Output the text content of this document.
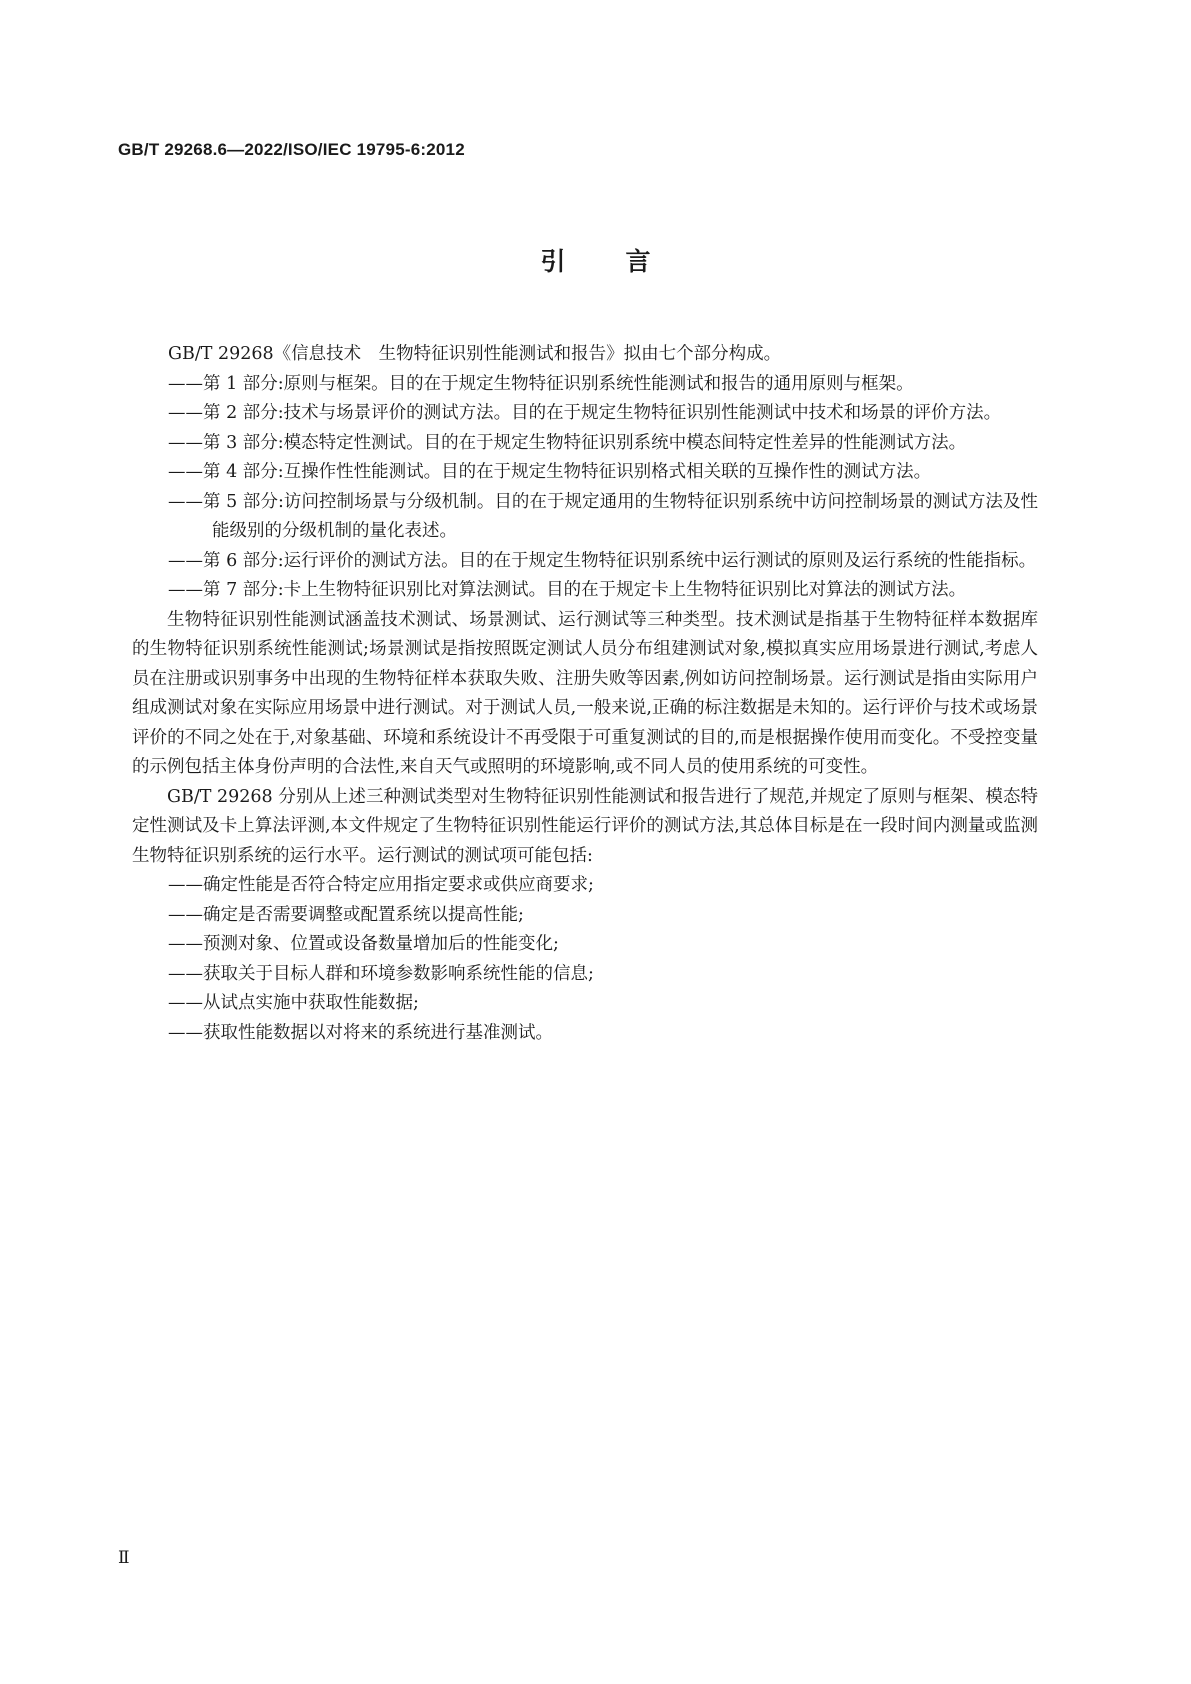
GB/T 29268.6—2022/ISO/IEC 19795-6:2012
引言

GB/T 29268《信息技术　生物特征识别性能测试和报告》拟由七个部分构成。

——第 1 部分:原则与框架。目的在于规定生物特征识别系统性能测试和报告的通用原则与框架。

——第 2 部分:技术与场景评价的测试方法。目的在于规定生物特征识别性能测试中技术和场景的评价方法。

——第 3 部分:模态特定性测试。目的在于规定生物特征识别系统中模态间特定性差异的性能测试方法。

——第 4 部分:互操作性性能测试。目的在于规定生物特征识别格式相关联的互操作性的测试方法。

——第 5 部分:访问控制场景与分级机制。目的在于规定通用的生物特征识别系统中访问控制场景的测试方法及性能级别的分级机制的量化表述。

——第 6 部分:运行评价的测试方法。目的在于规定生物特征识别系统中运行测试的原则及运行系统的性能指标。

——第 7 部分:卡上生物特征识别比对算法测试。目的在于规定卡上生物特征识别比对算法的测试方法。

生物特征识别性能测试涵盖技术测试、场景测试、运行测试等三种类型。技术测试是指基于生物特征样本数据库的生物特征识别系统性能测试;场景测试是指按照既定测试人员分布组建测试对象,模拟真实应用场景进行测试,考虑人员在注册或识别事务中出现的生物特征样本获取失败、注册失败等因素,例如访问控制场景。运行测试是指由实际用户组成测试对象在实际应用场景中进行测试。对于测试人员,一般来说,正确的标注数据是未知的。运行评价与技术或场景评价的不同之处在于,对象基础、环境和系统设计不再受限于可重复测试的目的,而是根据操作使用而变化。不受控变量的示例包括主体身份声明的合法性,来自天气或照明的环境影响,或不同人员的使用系统的可变性。

GB/T 29268 分别从上述三种测试类型对生物特征识别性能测试和报告进行了规范,并规定了原则与框架、模态特定性测试及卡上算法评测,本文件规定了生物特征识别性能运行评价的测试方法,其总体目标是在一段时间内测量或监测生物特征识别系统的运行水平。运行测试的测试项可能包括:

——确定性能是否符合特定应用指定要求或供应商要求;

——确定是否需要调整或配置系统以提高性能;

——预测对象、位置或设备数量增加后的性能变化;

——获取关于目标人群和环境参数影响系统性能的信息;

——从试点实施中获取性能数据;

——获取性能数据以对将来的系统进行基准测试。

Ⅱ
